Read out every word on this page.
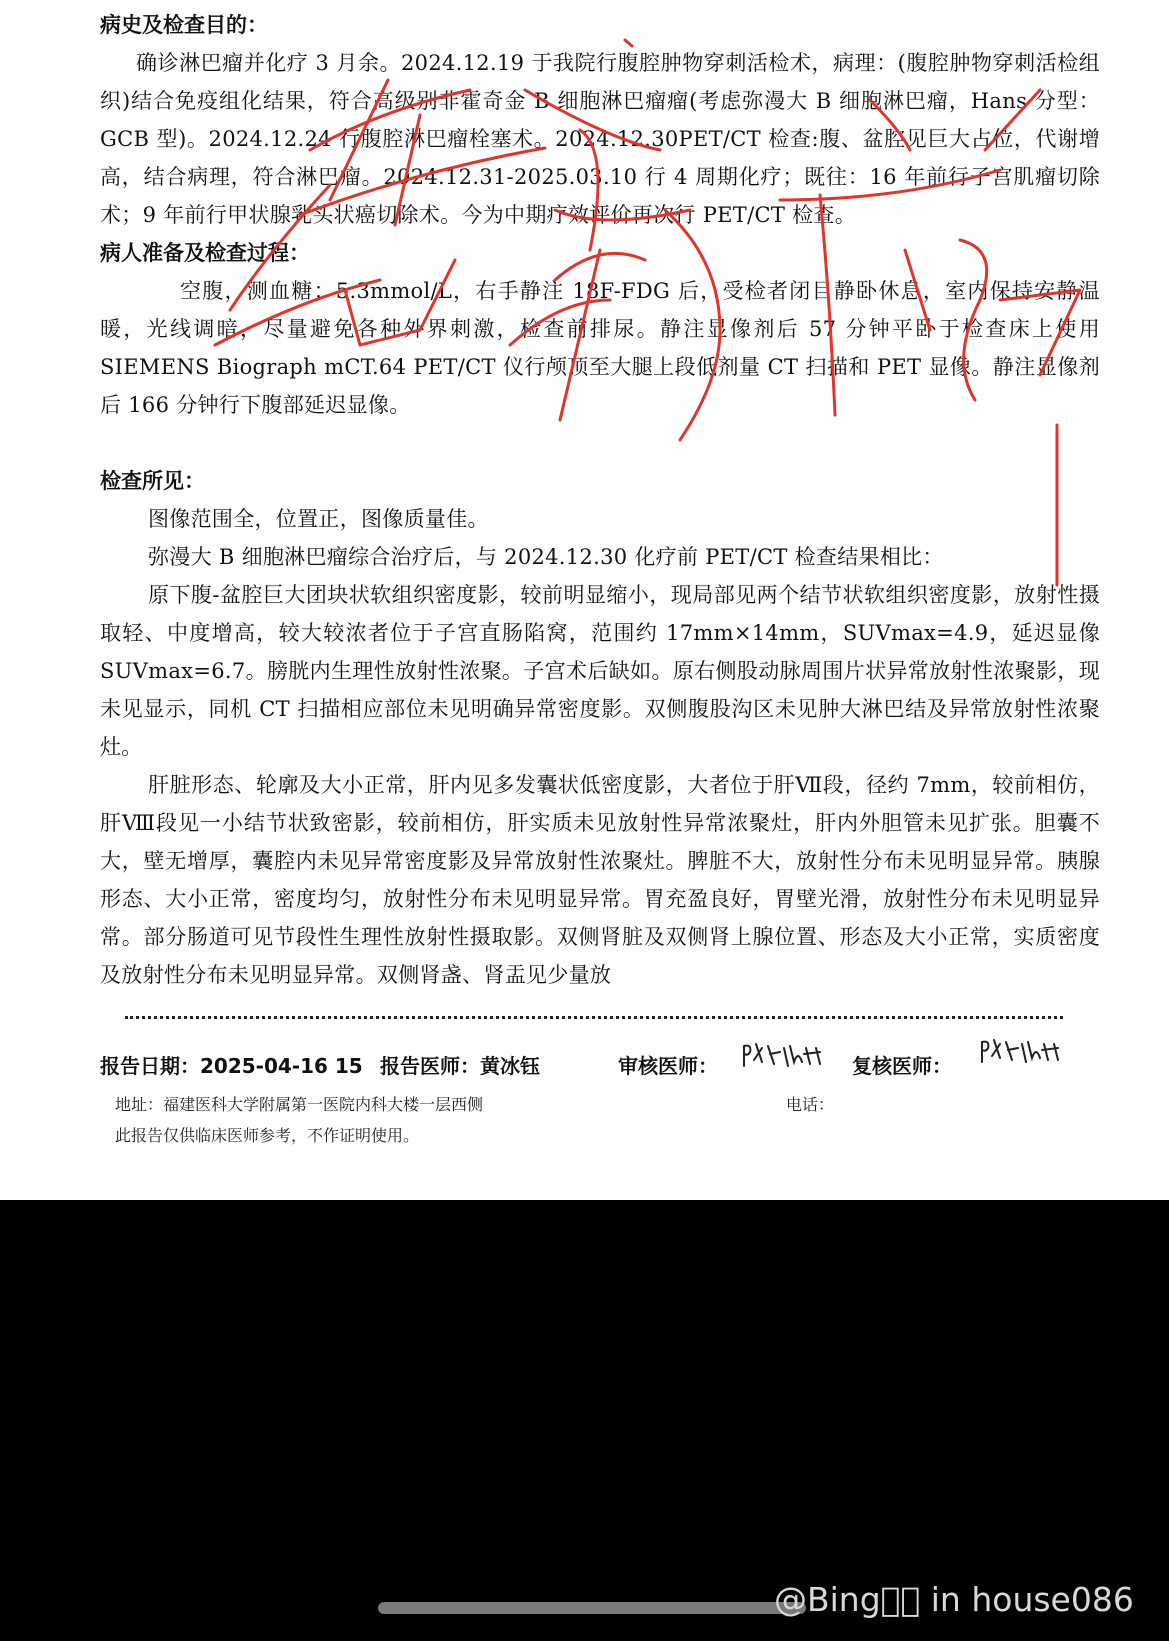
病史及检查目的：

确诊淋巴瘤并化疗 3 月余。2024.12.19 于我院行腹腔肿物穿刺活检术，病理：(腹腔肿物穿刺活检组织)结合免疫组化结果，符合高级别非霍奇金 B 细胞淋巴瘤瘤(考虑弥漫大 B 细胞淋巴瘤，Hans 分型： GCB 型)。2024.12.24 行腹腔淋巴瘤栓塞术。2024.12.30PET/CT 检查:腹、盆腔见巨大占位，代谢增高，结合病理，符合淋巴瘤。2024.12.31-2025.03.10 行 4 周期化疗；既往：16 年前行子宫肌瘤切除术；9 年前行甲状腺乳头状癌切除术。今为中期疗效评价再次行 PET/CT 检查。

病人准备及检查过程：

空腹，测血糖：5.3mmol/L，右手静注 18F-FDG 后，受检者闭目静卧休息，室内保持安静温暖，光线调暗，尽量避免各种外界刺激，检查前排尿。静注显像剂后 57 分钟平卧于检查床上使用 SIEMENS Biograph mCT.64 PET/CT 仪行颅顶至大腿上段低剂量 CT 扫描和 PET 显像。静注显像剂后 166 分钟行下腹部延迟显像。

检查所见：

图像范围全，位置正，图像质量佳。

弥漫大 B 细胞淋巴瘤综合治疗后，与 2024.12.30 化疗前 PET/CT 检查结果相比：

原下腹-盆腔巨大团块状软组织密度影，较前明显缩小，现局部见两个结节状软组织密度影，放射性摄取轻、中度增高，较大较浓者位于子宫直肠陷窝，范围约 17mm×14mm，SUVmax=4.9，延迟显像 SUVmax=6.7。膀胱内生理性放射性浓聚。子宫术后缺如。原右侧股动脉周围片状异常放射性浓聚影，现未见显示，同机 CT 扫描相应部位未见明确异常密度影。双侧腹股沟区未见肿大淋巴结及异常放射性浓聚灶。

肝脏形态、轮廓及大小正常，肝内见多发囊状低密度影，大者位于肝Ⅶ段，径约 7mm，较前相仿，肝Ⅷ段见一小结节状致密影，较前相仿，肝实质未见放射性异常浓聚灶，肝内外胆管未见扩张。胆囊不大，壁无增厚，囊腔内未见异常密度影及异常放射性浓聚灶。脾脏不大，放射性分布未见明显异常。胰腺形态、大小正常，密度均匀，放射性分布未见明显异常。胃充盈良好，胃壁光滑，放射性分布未见明显异常。部分肠道可见节段性生理性放射性摄取影。双侧肾脏及双侧肾上腺位置、形态及大小正常，实质密度及放射性分布未见明显异常。双侧肾盏、肾盂见少量放

报告日期：2025-04-16 15 报告医师：黄冰钰	审核医师：	复核医师：
地址：福建医科大学附属第一医院内科大楼一层西侧	电话：
此报告仅供临床医师参考，不作证明使用。
@Bing   in house086
